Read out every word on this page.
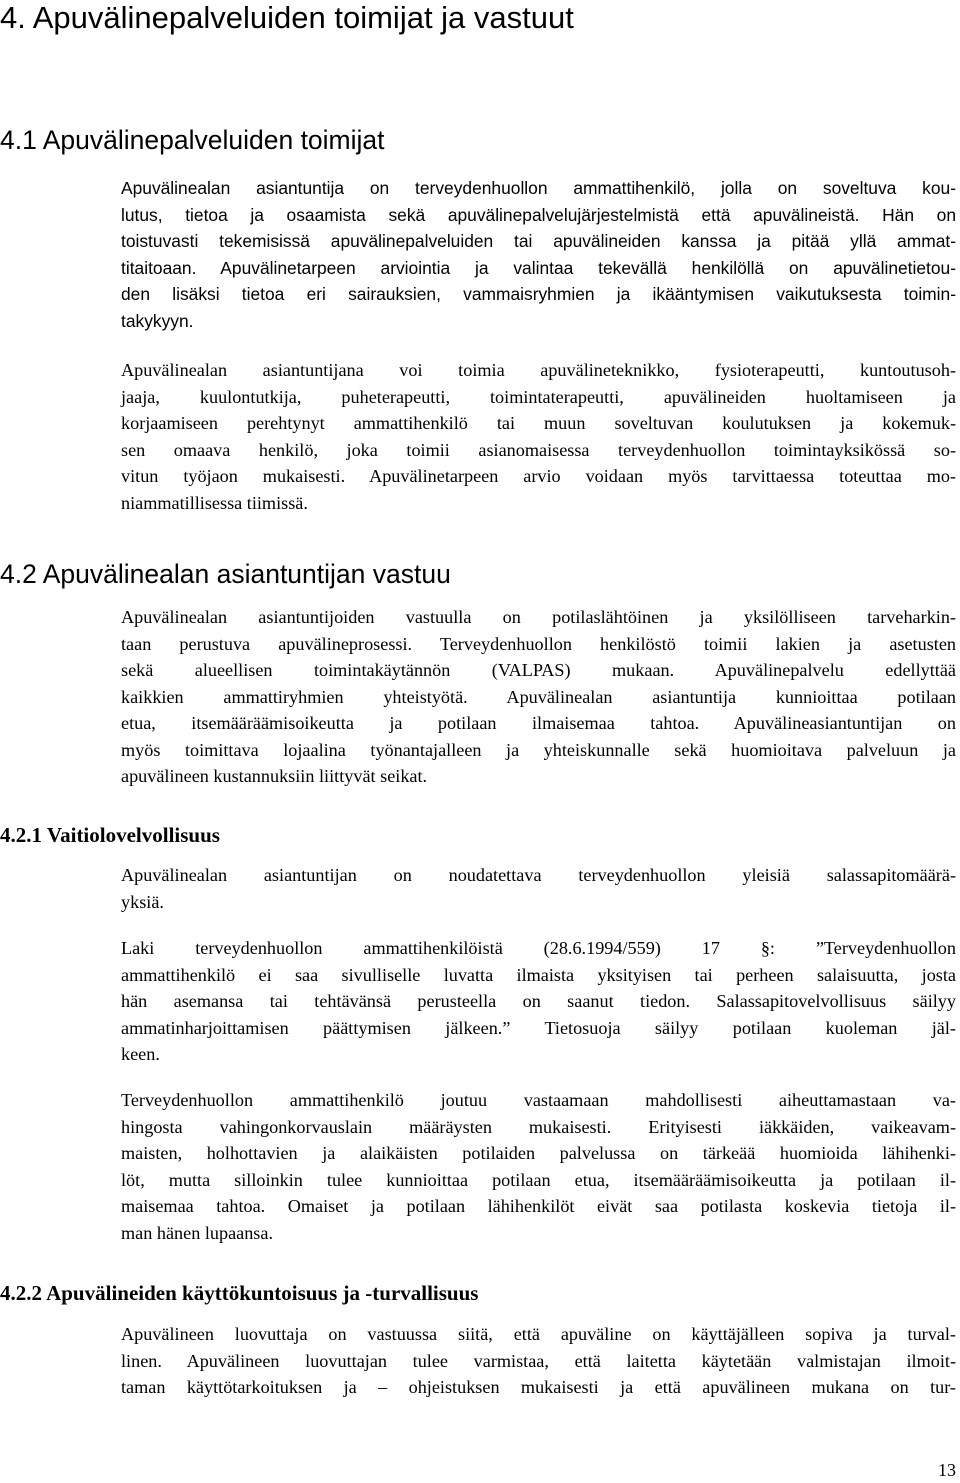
4. Apuvälinepalveluiden toimijat ja vastuut
4.1 Apuvälinepalveluiden toimijat
Apuvälinealan asiantuntija on terveydenhuollon ammattihenkilö, jolla on soveltuva kou-
lutus, tietoa ja osaamista sekä apuvälinepalvelujärjestelmistä että apuvälineistä. Hän on
toistuvasti tekemisissä apuvälinepalveluiden tai apuvälineiden kanssa ja pitää yllä ammat-
titaitoaan. Apuvälinetarpeen arviointia ja valintaa tekevällä henkilöllä on apuvälinetietou-
den lisäksi tietoa eri sairauksien, vammaisryhmien ja ikääntymisen vaikutuksesta toimin-
takykyyn.
Apuvälinealan asiantuntijana voi toimia apuvälineteknikko, fysioterapeutti, kuntoutusoh-
jaaja, kuulontutkija, puheterapeutti, toimintaterapeutti, apuvälineiden huoltamiseen ja
korjaamiseen perehtynyt ammattihenkilö tai muun soveltuvan koulutuksen ja kokemuk-
sen omaava henkilö, joka toimii asianomaisessa terveydenhuollon toimintayksikössä so-
vitun työjaon mukaisesti. Apuvälinetarpeen arvio voidaan myös tarvittaessa toteuttaa mo-
niammatillisessa tiimissä.
4.2 Apuvälinealan asiantuntijan vastuu
Apuvälinealan asiantuntijoiden vastuulla on potilaslähtöinen ja yksilölliseen tarveharkin-
taan perustuva apuvälineprosessi. Terveydenhuollon henkilöstö toimii lakien ja asetusten
sekä alueellisen toimintakäytännön (VALPAS) mukaan. Apuvälinepalvelu edellyttää
kaikkien ammattiryhmien yhteistyötä. Apuvälinealan asiantuntija kunnioittaa potilaan
etua, itsemääräämisoikeutta ja potilaan ilmaisemaa tahtoa. Apuvälineasiantuntijan on
myös toimittava lojaalina työnantajalleen ja yhteiskunnalle sekä huomioitava palveluun ja
apuvälineen kustannuksiin liittyvät seikat.
4.2.1 Vaitiolovelvollisuus
Apuvälinealan asiantuntijan on noudatettava terveydenhuollon yleisiä salassapitomäärä-
yksiä.
Laki terveydenhuollon ammattihenkilöistä (28.6.1994/559) 17 §: ”Terveydenhuollon
ammattihenkilö ei saa sivulliselle luvatta ilmaista yksityisen tai perheen salaisuutta, josta
hän asemansa tai tehtävänsä perusteella on saanut tiedon. Salassapitovelvollisuus säilyy
ammatinharjoittamisen päättymisen jälkeen.” Tietosuoja säilyy potilaan kuoleman jäl-
keen.
Terveydenhuollon ammattihenkilö joutuu vastaamaan mahdollisesti aiheuttamastaan va-
hingosta vahingonkorvauslain määräysten mukaisesti. Erityisesti iäkkäiden, vaikeavam-
maisten, holhottavien ja alaikäisten potilaiden palvelussa on tärkeää huomioida lähihenki-
löt, mutta silloinkin tulee kunnioittaa potilaan etua, itsemääräämisoikeutta ja potilaan il-
maisemaa tahtoa. Omaiset ja potilaan lähihenkilöt eivät saa potilasta koskevia tietoja il-
man hänen lupaansa.
4.2.2 Apuvälineiden käyttökuntoisuus ja -turvallisuus
Apuvälineen luovuttaja on vastuussa siitä, että apuväline on käyttäjälleen sopiva ja turval-
linen. Apuvälineen luovuttajan tulee varmistaa, että laitetta käytetään valmistajan ilmoit-
taman käyttötarkoituksen ja – ohjeistuksen mukaisesti ja että apuvälineen mukana on tur-

13
